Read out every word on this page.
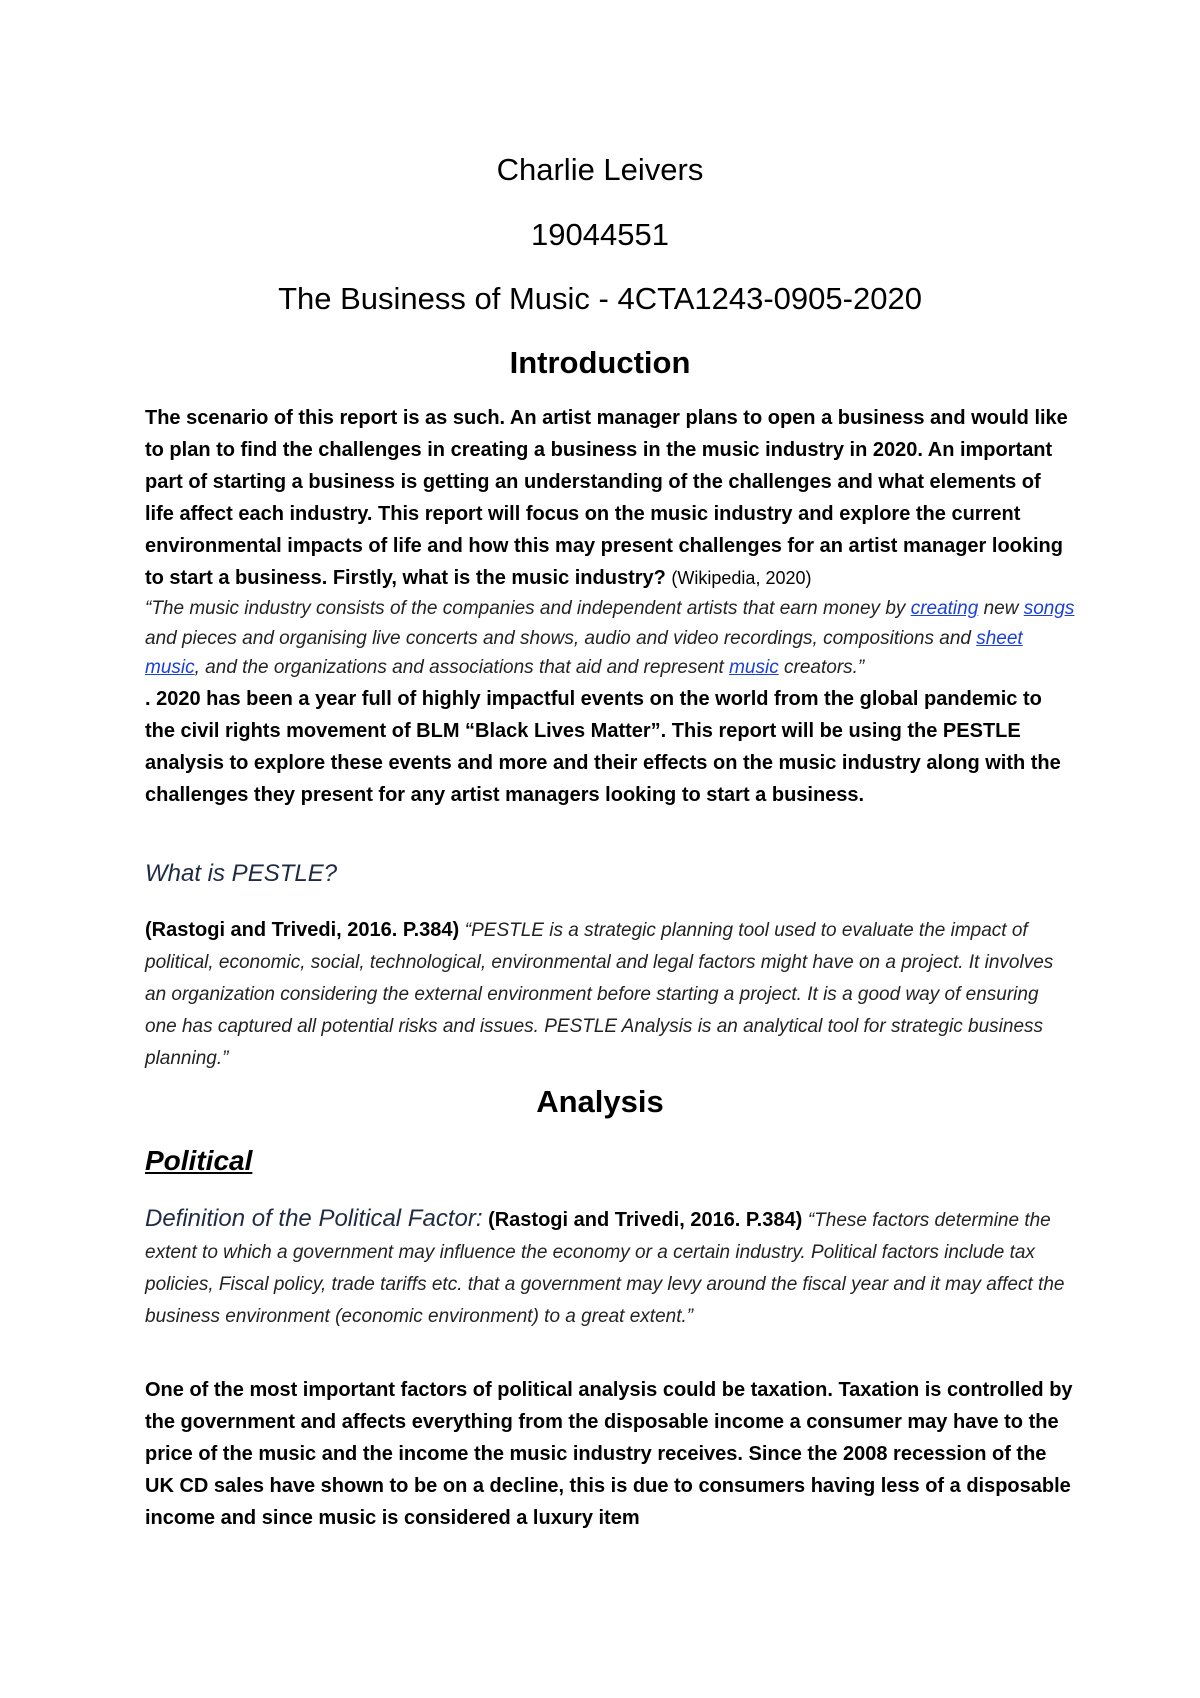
Charlie Leivers
19044551
The Business of Music - 4CTA1243-0905-2020
Introduction
The scenario of this report is as such. An artist manager plans to open a business and would like to plan to find the challenges in creating a business in the music industry in 2020. An important part of starting a business is getting an understanding of the challenges and what elements of life affect each industry. This report will focus on the music industry and explore the current environmental impacts of life and how this may present challenges for an artist manager looking to start a business. Firstly, what is the music industry? (Wikipedia, 2020)
“The music industry consists of the companies and independent artists that earn money by creating new songs and pieces and organising live concerts and shows, audio and video recordings, compositions and sheet music, and the organizations and associations that aid and represent music creators.”
. 2020 has been a year full of highly impactful events on the world from the global pandemic to the civil rights movement of BLM “Black Lives Matter”. This report will be using the PESTLE analysis to explore these events and more and their effects on the music industry along with the challenges they present for any artist managers looking to start a business.
What is PESTLE?
(Rastogi and Trivedi, 2016. P.384) “PESTLE is a strategic planning tool used to evaluate the impact of political, economic, social, technological, environmental and legal factors might have on a project. It involves an organization considering the external environment before starting a project. It is a good way of ensuring one has captured all potential risks and issues. PESTLE Analysis is an analytical tool for strategic business planning.”
Analysis
Political
Definition of the Political Factor: (Rastogi and Trivedi, 2016. P.384) “These factors determine the extent to which a government may influence the economy or a certain industry. Political factors include tax policies, Fiscal policy, trade tariffs etc. that a government may levy around the fiscal year and it may affect the business environment (economic environment) to a great extent.”
One of the most important factors of political analysis could be taxation. Taxation is controlled by the government and affects everything from the disposable income a consumer may have to the price of the music and the income the music industry receives. Since the 2008 recession of the UK CD sales have shown to be on a decline, this is due to consumers having less of a disposable income and since music is considered a luxury item
